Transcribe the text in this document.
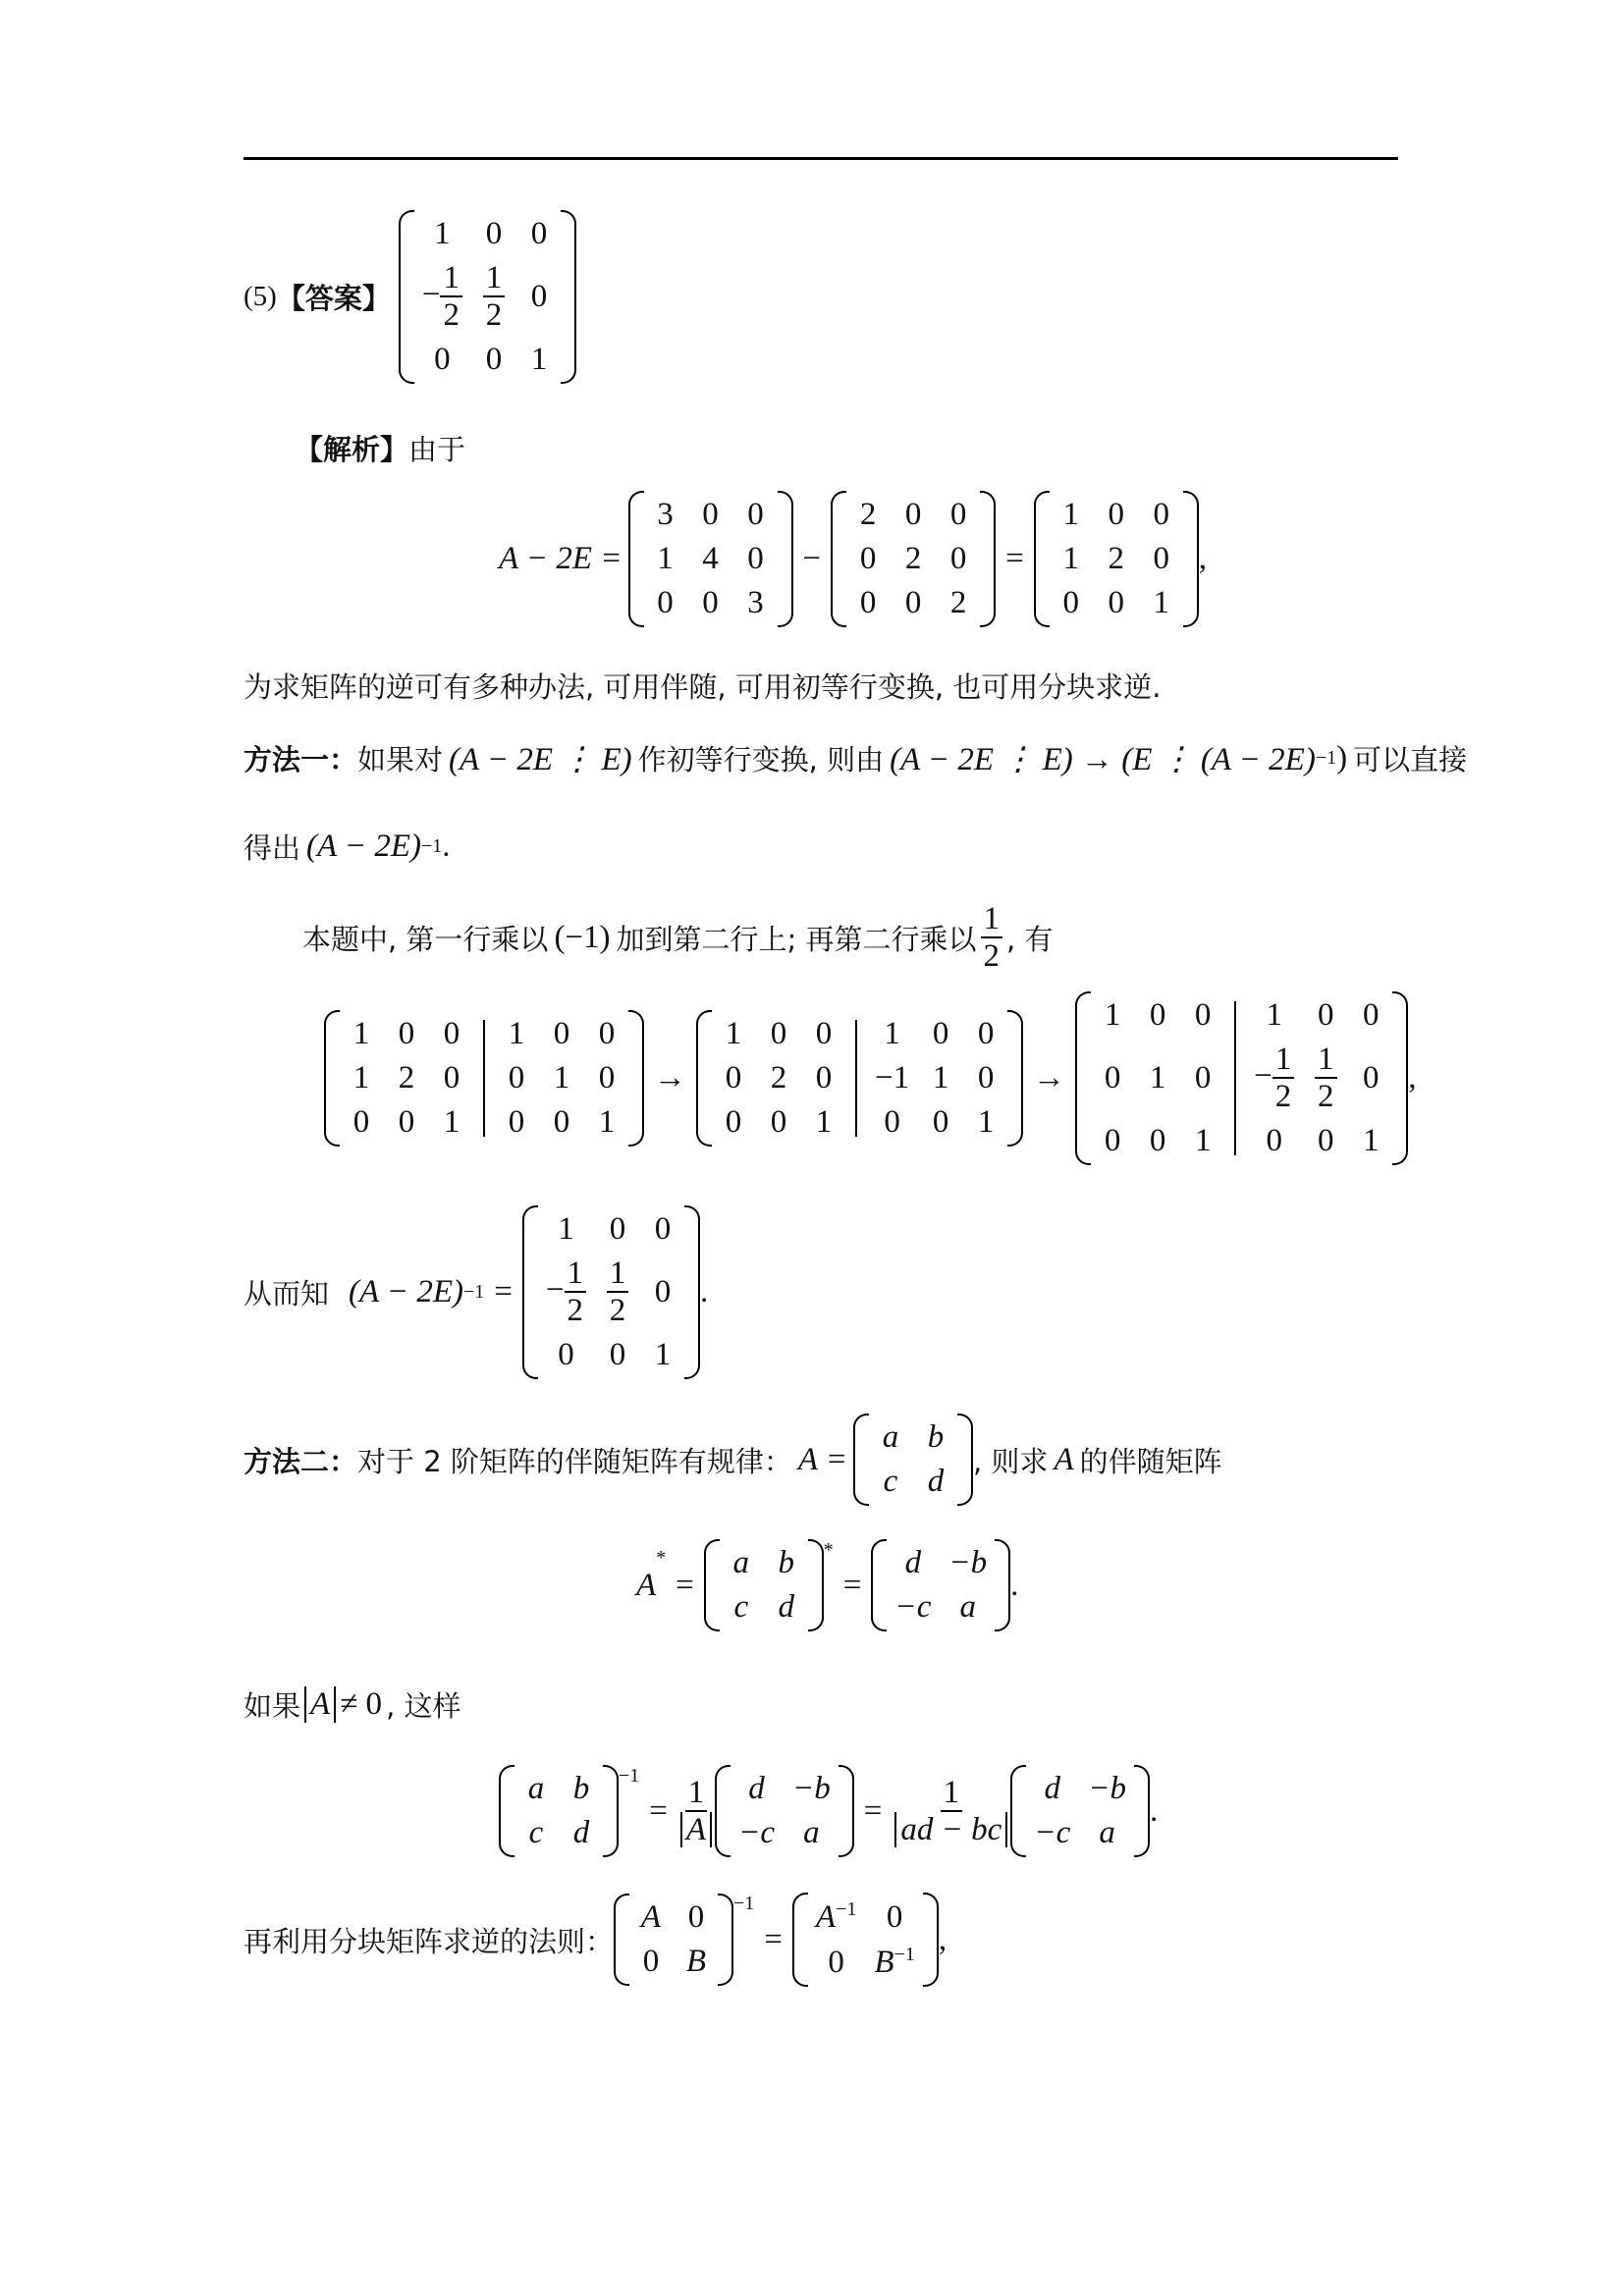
(5) 【答案】
1 0 0
− $\frac{1}{2} \frac{1}{2} 0$
0 0 1
【解析】由于
A − 2E =
3 0 0
1 4 0
0 0 3
−
2 0 0
0 2 0
0 0 2
=
1 0 0
1 2 0
0 0 1
,
为求矩阵的逆可有多种办法, 可用伴随, 可用初等行变换, 也可用分块求逆.
方法一： 如果对 (A − 2E ⋮ E) 作初等行变换, 则由 (A − 2E ⋮ E) → (E ⋮ (A − 2E) −1 ) 可以直接
得出 (A − 2E) −1 .
本题中, 第一行乘以 (−1) 加到第二行上; 再第二行乘以 $\frac{1}{2}$ , 有
1 0 0 1 0 0
1 2 0 0 1 0
0 0 1 0 0 1
→
1 0 0 1 0 0
0 2 0 −1 1 0
0 0 1 0 0 1
→
1 0 0 1 0 0
0 1 $0 - \frac{1}{2} \frac{1}{2} 0$
0 0 1 0 0 1
,
从而知 (A − 2E) −1 =
1 0 0
− $\frac{1}{2} \frac{1}{2} 0$
0 0 1
.
方法二： 对于 2 阶矩阵的伴随矩阵有规律： A =
a b
c d
, 则求 A 的伴随矩阵
A
*
=
a b
c d
*
=
d −b
−c a
.
如果 A ≠ 0 , 这样
a b
c d
$^{-1}$
= $\frac{1}{A}$ d −b
−c a
= $\frac{1}{ad - bc}$ d −b
−c a
.
再利用分块矩阵求逆的法则：
A 0
0 B
$^{-1}$
=
$A^{-1}$ 0
0 $B^{-1}$ ,
